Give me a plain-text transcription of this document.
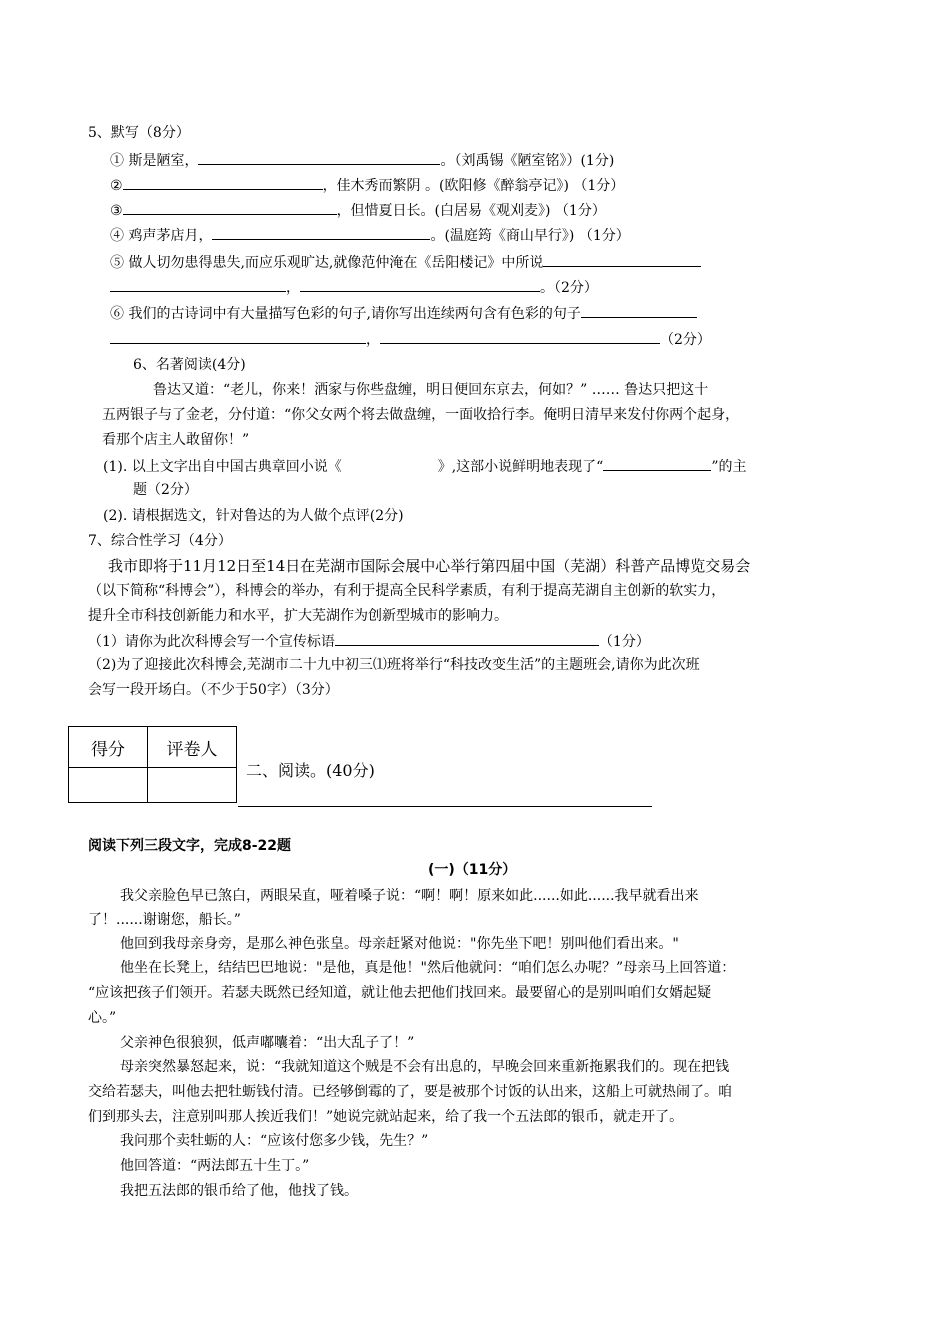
5、默写（8分）
① 斯是陋室，	。（刘禹锡《陋室铭》）(1分)
②	，佳木秀而繁阴 。(欧阳修《醉翁亭记》) （1分）
③	，但惜夏日长。(白居易《观刈麦》) （1分）
④ 鸡声茅店月，	。(温庭筠《商山早行》) （1分）
⑤ 做人切勿患得患失,而应乐观旷达,就像范仲淹在《岳阳楼记》中所说
，	。（2分）
⑥ 我们的古诗词中有大量描写色彩的句子,请你写出连续两句含有色彩的句子
，	（2分）
6、名著阅读(4分)
鲁达又道：“老儿，你来！洒家与你些盘缠，明日便回东京去，何如？” …… 鲁达只把这十
五两银子与了金老，分付道：“你父女两个将去做盘缠，一面收拾行李。俺明日清早来发付你两个起身，
看那个店主人敢留你！”
(1). 以上文字出自中国古典章回小说《	》,这部小说鲜明地表现了“	”的主
题（2分）
(2). 请根据选文，针对鲁达的为人做个点评(2分)
7、综合性学习（4分）
我市即将于11月12日至14日在芜湖市国际会展中心举行第四届中国（芜湖）科普产品博览交易会
（以下简称“科博会”），科博会的举办，有利于提高全民科学素质，有利于提高芜湖自主创新的软实力，
提升全市科技创新能力和水平，扩大芜湖作为创新型城市的影响力。
（1）请你为此次科博会写一个宣传标语	（1分）
（2)为了迎接此次科博会,芜湖市二十九中初三⑴班将举行“科技改变生活”的主题班会,请你为此次班
会写一段开场白。（不少于50字）（3分）
得分	评卷人

二、阅读。(40分)
阅读下列三段文字，完成8-22题
(一)（11分）
我父亲脸色早已煞白，两眼呆直，哑着嗓子说：“啊！啊！原来如此......如此......我早就看出来
了！......谢谢您，船长。”
他回到我母亲身旁，是那么神色张皇。母亲赶紧对他说："你先坐下吧！别叫他们看出来。"
他坐在长凳上，结结巴巴地说："是他，真是他！"然后他就问：“咱们怎么办呢？”母亲马上回答道：
“应该把孩子们领开。若瑟夫既然已经知道，就让他去把他们找回来。最要留心的是别叫咱们女婿起疑
心。”
父亲神色很狼狈，低声嘟囔着：“出大乱子了！”
母亲突然暴怒起来，说：“我就知道这个贼是不会有出息的，早晚会回来重新拖累我们的。现在把钱
交给若瑟夫，叫他去把牡蛎钱付清。已经够倒霉的了，要是被那个讨饭的认出来，这船上可就热闹了。咱
们到那头去，注意别叫那人挨近我们！”她说完就站起来，给了我一个五法郎的银币，就走开了。
我问那个卖牡蛎的人：“应该付您多少钱，先生？”
他回答道：“两法郎五十生丁。”
我把五法郎的银币给了他，他找了钱。
